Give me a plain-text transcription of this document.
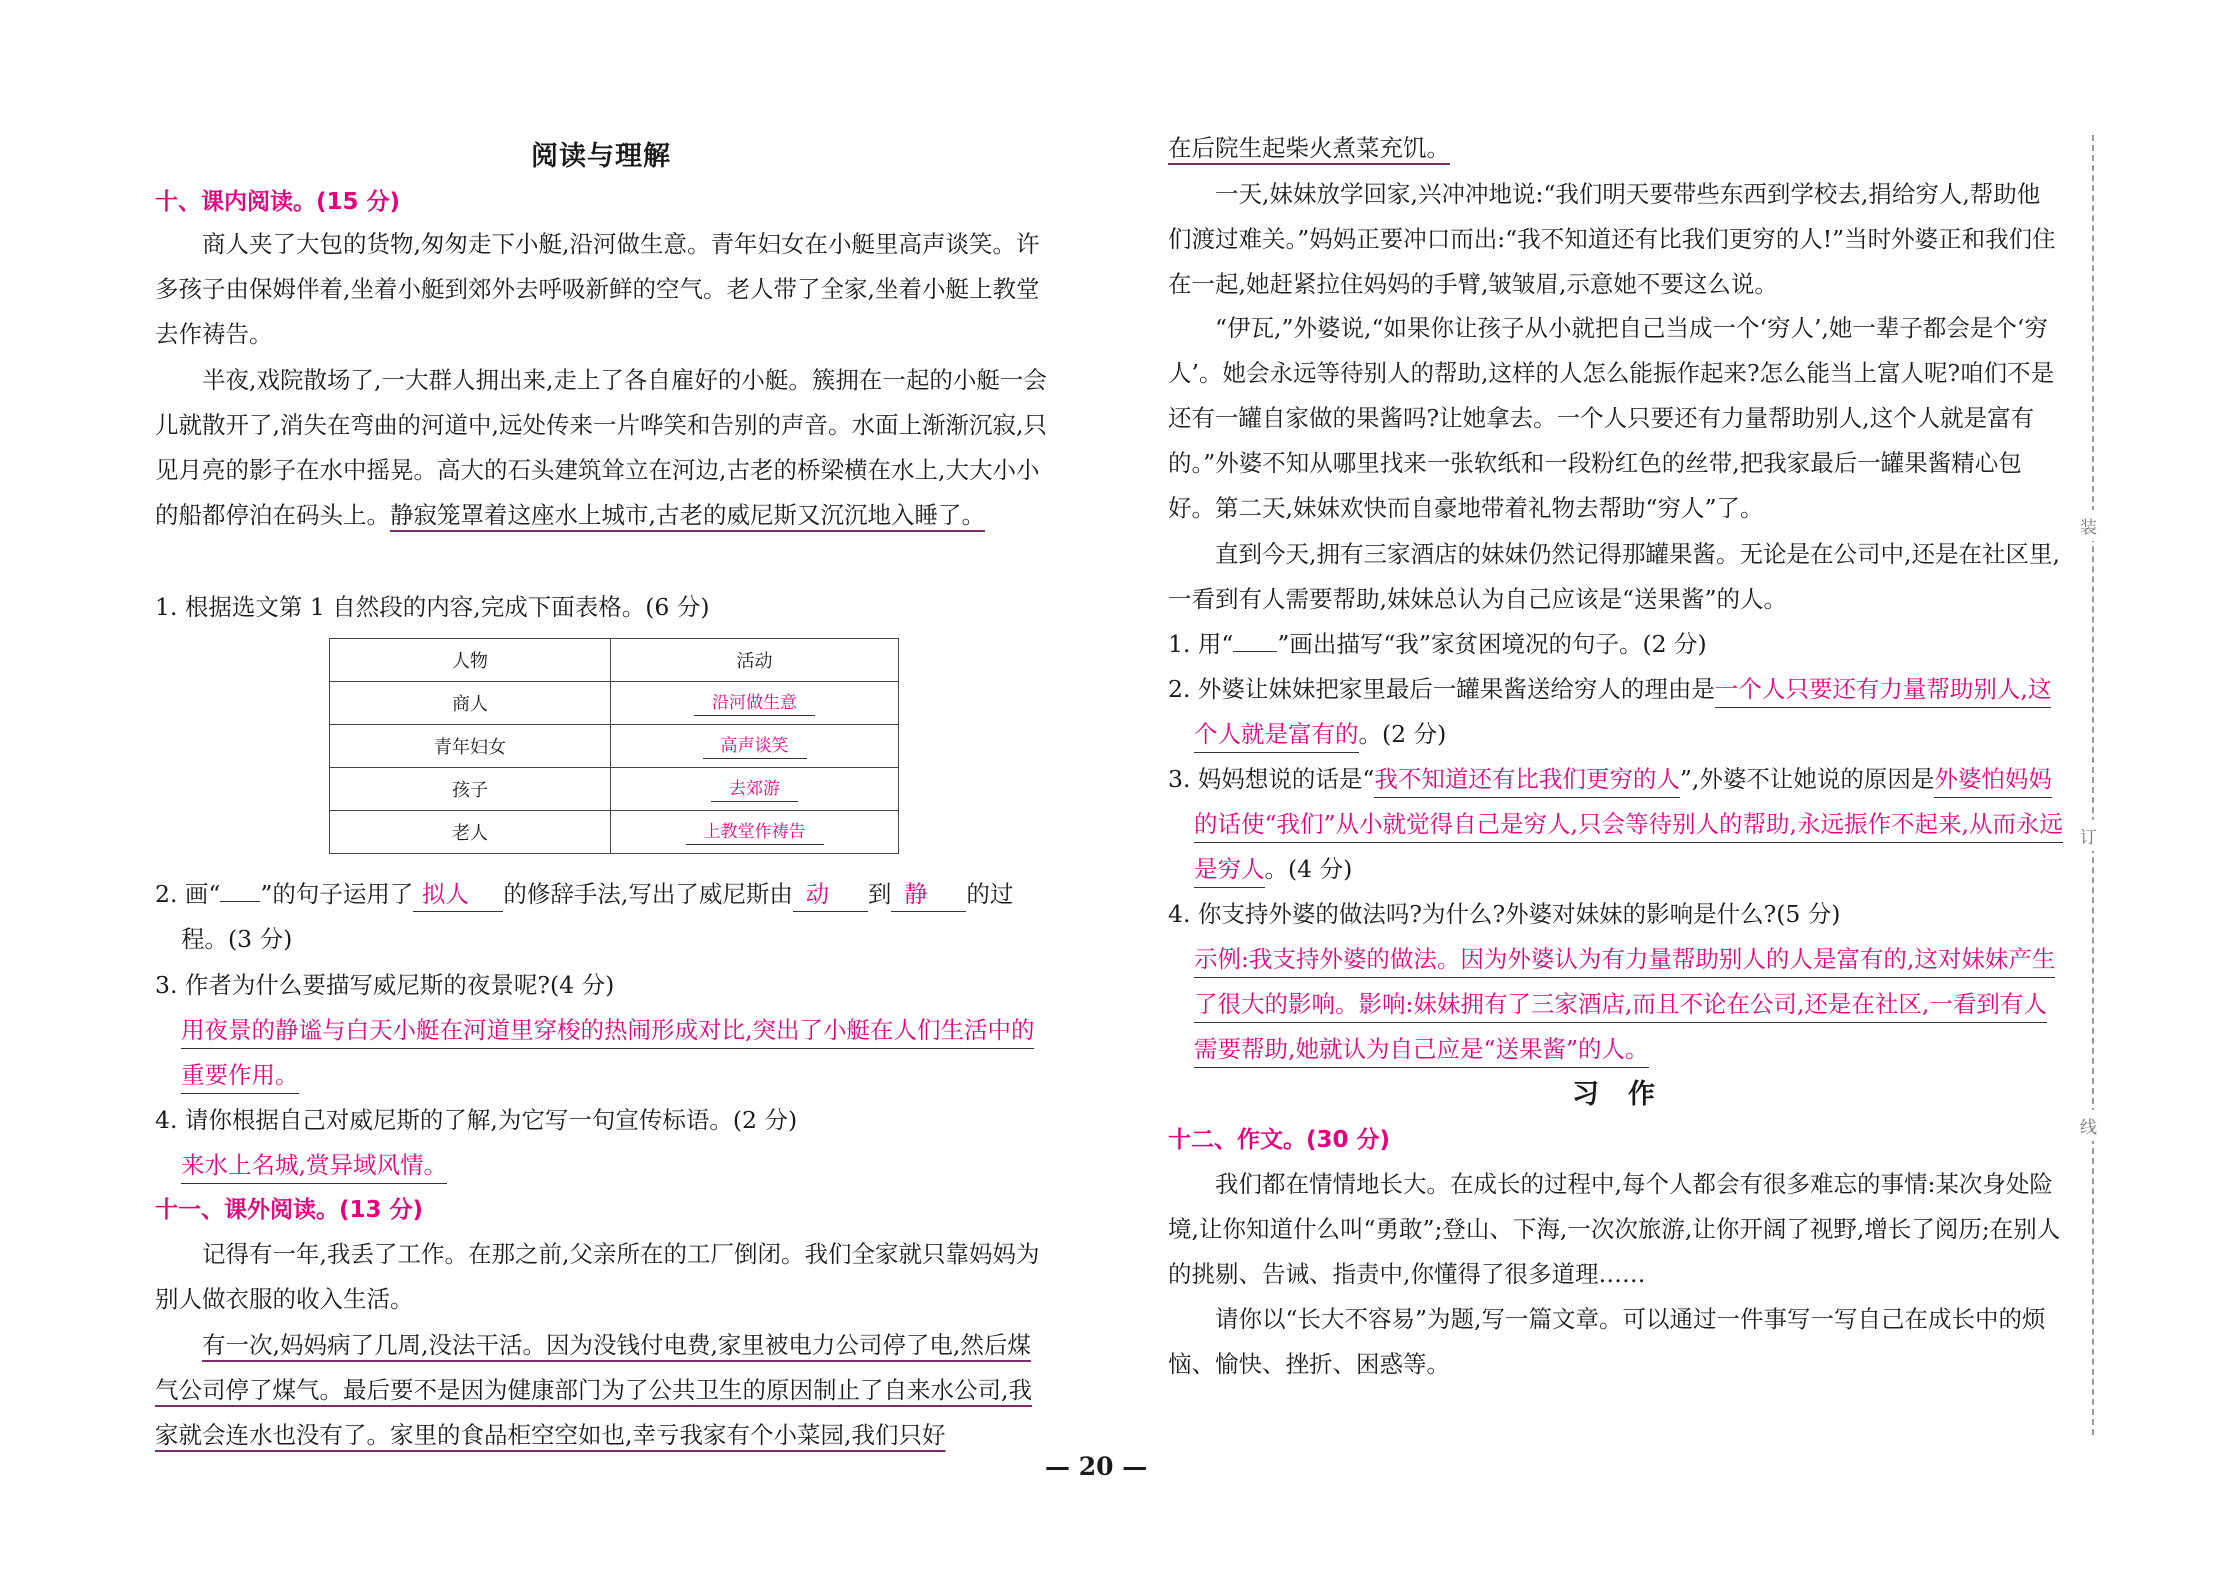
阅读与理解
十、课内阅读。(15 分)

商人夹了大包的货物,匆匆走下小艇,沿河做生意。青年妇女在小艇里高声谈笑。许多孩子由保姆伴着,坐着小艇到郊外去呼吸新鲜的空气。老人带了全家,坐着小艇上教堂去作祷告。

半夜,戏院散场了,一大群人拥出来,走上了各自雇好的小艇。簇拥在一起的小艇一会儿就散开了,消失在弯曲的河道中,远处传来一片哗笑和告别的声音。水面上渐渐沉寂,只见月亮的影子在水中摇晃。高大的石头建筑耸立在河边,古老的桥梁横在水上,大大小小的船都停泊在码头上。静寂笼罩着这座水上城市,古老的威尼斯又沉沉地入睡了。

1. 根据选文第 1 自然段的内容,完成下面表格。(6 分)

人物	活动
商人	沿河做生意
青年妇女	高声谈笑
孩子	去郊游
老人	上教堂作祷告

2. 画“ ”的句子运用了 拟人 的修辞手法,写出了威尼斯由 动 到 静 的过程。(3 分)

3. 作者为什么要描写威尼斯的夜景呢?(4 分)

用夜景的静谧与白天小艇在河道里穿梭的热闹形成对比,突出了小艇在人们生活中的重要作用。

4. 请你根据自己对威尼斯的了解,为它写一句宣传标语。(2 分)

来水上名城,赏异域风情。

十一、课外阅读。(13 分)

记得有一年,我丢了工作。在那之前,父亲所在的工厂倒闭。我们全家就只靠妈妈为别人做衣服的收入生活。

有一次,妈妈病了几周,没法干活。因为没钱付电费,家里被电力公司停了电,然后煤气公司停了煤气。最后要不是因为健康部门为了公共卫生的原因制止了自来水公司,我家就会连水也没有了。家里的食品柜空空如也,幸亏我家有个小菜园,我们只好

在后院生起柴火煮菜充饥。

一天,妹妹放学回家,兴冲冲地说:“我们明天要带些东西到学校去,捐给穷人,帮助他们渡过难关。”妈妈正要冲口而出:“我不知道还有比我们更穷的人!”当时外婆正和我们住在一起,她赶紧拉住妈妈的手臂,皱皱眉,示意她不要这么说。

“伊瓦,”外婆说,“如果你让孩子从小就把自己当成一个‘穷人’,她一辈子都会是个‘穷人’。她会永远等待别人的帮助,这样的人怎么能振作起来?怎么能当上富人呢?咱们不是还有一罐自家做的果酱吗?让她拿去。一个人只要还有力量帮助别人,这个人就是富有的。”外婆不知从哪里找来一张软纸和一段粉红色的丝带,把我家最后一罐果酱精心包好。第二天,妹妹欢快而自豪地带着礼物去帮助“穷人”了。

直到今天,拥有三家酒店的妹妹仍然记得那罐果酱。无论是在公司中,还是在社区里,一看到有人需要帮助,妹妹总认为自己应该是“送果酱”的人。

1. 用“ ”画出描写“我”家贫困境况的句子。(2 分)

2. 外婆让妹妹把家里最后一罐果酱送给穷人的理由是一个人只要还有力量帮助别人,这个人就是富有的。(2 分)

3. 妈妈想说的话是“我不知道还有比我们更穷的人”,外婆不让她说的原因是外婆怕妈妈的话使“我们”从小就觉得自己是穷人,只会等待别人的帮助,永远振作不起来,从而永远是穷人。(4 分)

4. 你支持外婆的做法吗?为什么?外婆对妹妹的影响是什么?(5 分)

示例:我支持外婆的做法。因为外婆认为有力量帮助别人的人是富有的,这对妹妹产生了很大的影响。影响:妹妹拥有了三家酒店,而且不论在公司,还是在社区,一看到有人需要帮助,她就认为自己应是“送果酱”的人。

习　作
十二、作文。(30 分)

我们都在情情地长大。在成长的过程中,每个人都会有很多难忘的事情:某次身处险境,让你知道什么叫“勇敢”;登山、下海,一次次旅游,让你开阔了视野,增长了阅历;在别人的挑剔、告诫、指责中,你懂得了很多道理……

请你以“长大不容易”为题,写一篇文章。可以通过一件事写一写自己在成长中的烦恼、愉快、挫折、困惑等。

装
订
线
— 20 —
